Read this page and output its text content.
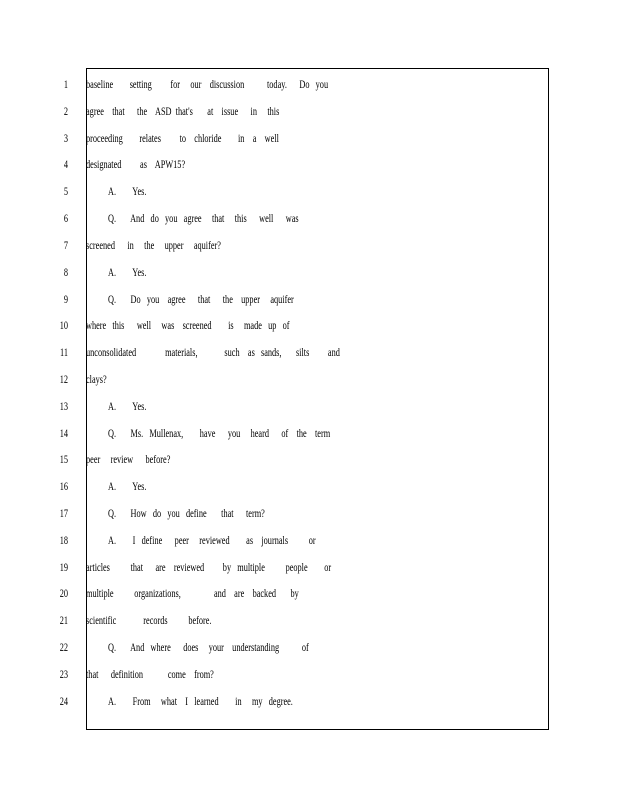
1
2
3
4
5
6
7
8
9
10
11
12
13
14
15
16
17
18
19
20
21
22
23
24
baseline        setting         for     our    discussion           today.      Do   you
agree    that      the    ASD  that's       at    issue      in     this
proceeding        relates         to    chloride        in    a    well
designated         as    APW15?
A.        Yes.
Q.       And   do   you   agree     that     this      well      was
screened      in     the     upper     aquifer?
A.        Yes.
Q.       Do   you    agree      that      the    upper     aquifer
where   this      well     was    screened        is     made   up   of
unconsolidated              materials,             such    as   sands,       silts         and
clays?
A.        Yes.
Q.       Ms.   Mullenax,        have      you     heard      of    the    term
peer     review      before?
A.        Yes.
Q.       How   do   you   define       that      term?
A.        I   define      peer     reviewed        as    journals          or
articles          that      are    reviewed         by   multiple          people        or
multiple          organizations,                and    are    backed       by
scientific             records          before.
Q.       And   where      does     your    understanding           of
that      definition            come    from?
A.        From     what    I   learned        in     my   degree.
